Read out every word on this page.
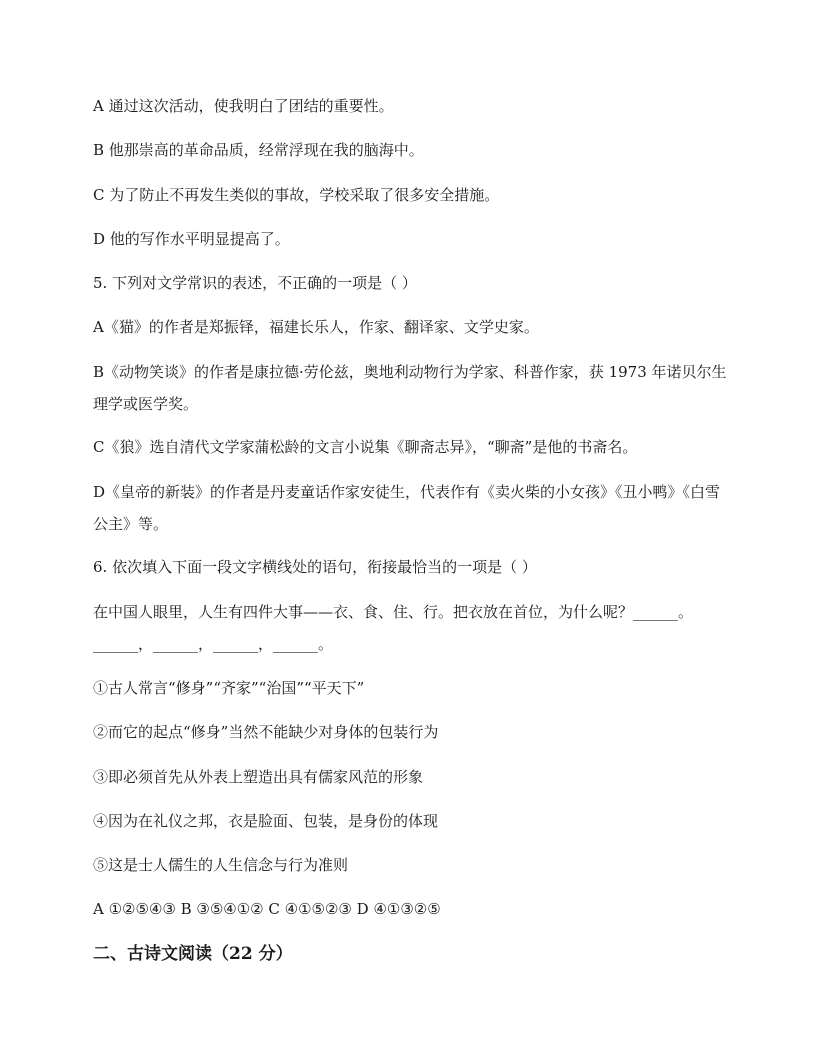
A 通过这次活动，使我明白了团结的重要性。
B 他那崇高的革命品质，经常浮现在我的脑海中。
C 为了防止不再发生类似的事故，学校采取了很多安全措施。
D 他的写作水平明显提高了。
5. 下列对文学常识的表述，不正确的一项是（ ）
A《猫》的作者是郑振铎，福建长乐人，作家、翻译家、文学史家。
B《动物笑谈》的作者是康拉德·劳伦兹，奥地利动物行为学家、科普作家，获 1973 年诺贝尔生理学或医学奖。
C《狼》选自清代文学家蒲松龄的文言小说集《聊斋志异》，“聊斋”是他的书斋名。
D《皇帝的新装》的作者是丹麦童话作家安徒生，代表作有《卖火柴的小女孩》《丑小鸭》《白雪公主》等。
6. 依次填入下面一段文字横线处的语句，衔接最恰当的一项是（ ）
在中国人眼里，人生有四件大事——衣、食、住、行。把衣放在首位，为什么呢？______。______，______，______，______。
①古人常言“修身”“齐家”“治国”“平天下”
②而它的起点“修身”当然不能缺少对身体的包装行为
③即必须首先从外表上塑造出具有儒家风范的形象
④因为在礼仪之邦，衣是脸面、包装，是身份的体现
⑤这是士人儒生的人生信念与行为准则
A ①②⑤④③ B ③⑤④①② C ④①⑤②③ D ④①③②⑤
二、古诗文阅读（22 分）
